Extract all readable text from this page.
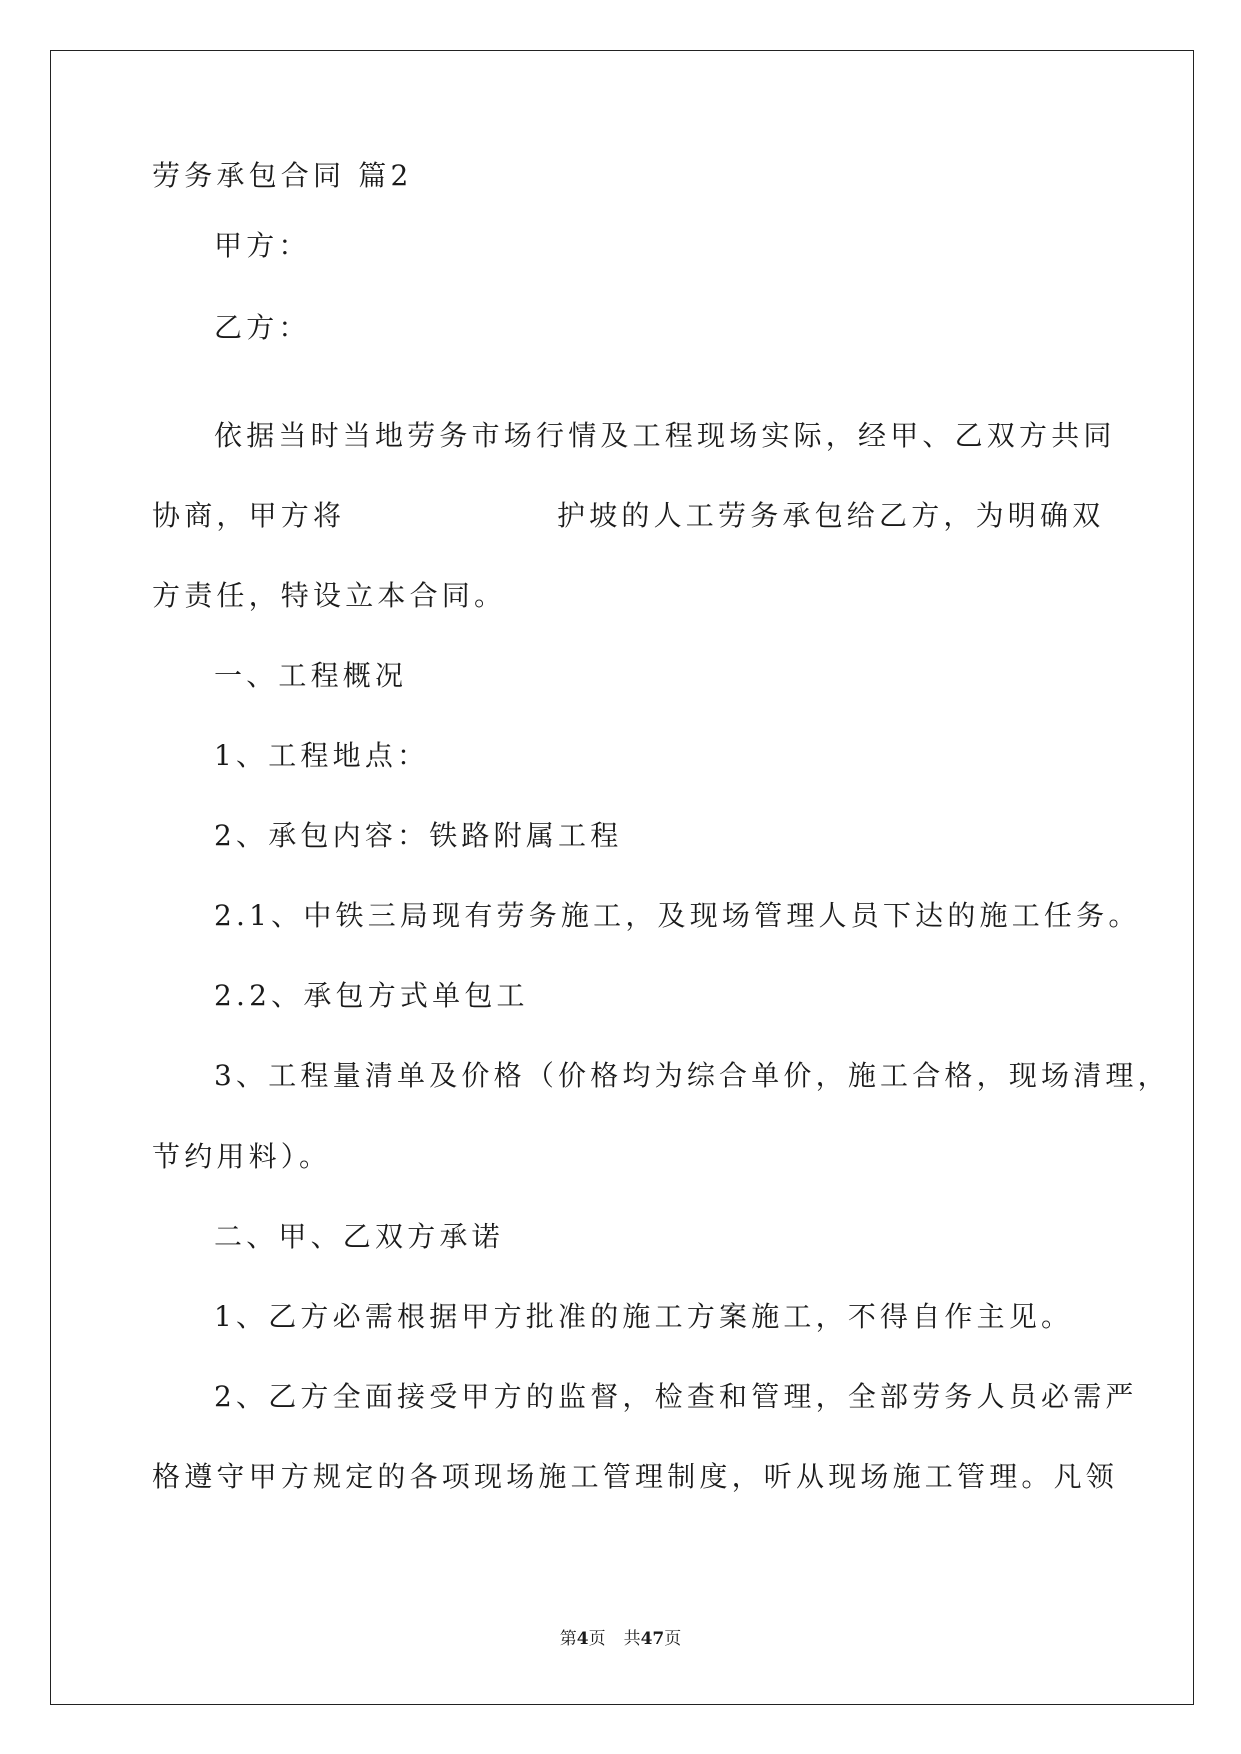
劳务承包合同 篇2
甲方：
乙方：
依据当时当地劳务市场行情及工程现场实际，经甲、乙双方共同
协商，甲方将	护坡的人工劳务承包给乙方，为明确双
方责任，特设立本合同。
一、工程概况
1、工程地点：
2、承包内容：铁路附属工程
2.1、中铁三局现有劳务施工，及现场管理人员下达的施工任务。
2.2、承包方式单包工
3、工程量清单及价格（价格均为综合单价，施工合格，现场清理，
节约用料）。
二、甲、乙双方承诺
1、乙方必需根据甲方批准的施工方案施工，不得自作主见。
2、乙方全面接受甲方的监督，检查和管理，全部劳务人员必需严
格遵守甲方规定的各项现场施工管理制度，听从现场施工管理。凡领
第4页 共47页
